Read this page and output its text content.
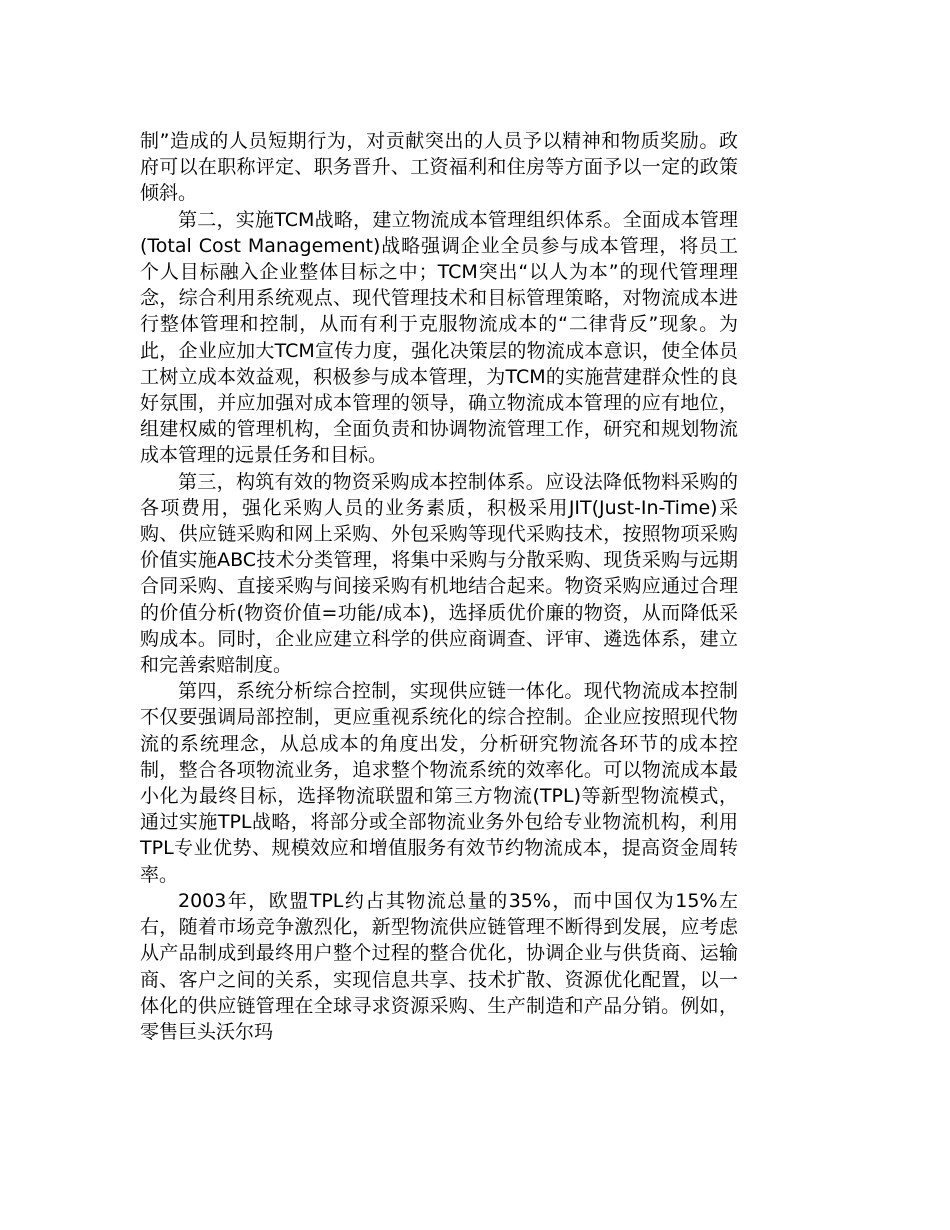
制”造成的人员短期行为，对贡献突出的人员予以精神和物质奖励。政府可以在职称评定、职务晋升、工资福利和住房等方面予以一定的政策倾斜。

第二，实施TCM战略，建立物流成本管理组织体系。全面成本管理(Total Cost Management)战略强调企业全员参与成本管理，将员工个人目标融入企业整体目标之中；TCM突出“以人为本”的现代管理理念，综合利用系统观点、现代管理技术和目标管理策略，对物流成本进行整体管理和控制，从而有利于克服物流成本的“二律背反”现象。为此，企业应加大TCM宣传力度，强化决策层的物流成本意识，使全体员工树立成本效益观，积极参与成本管理，为TCM的实施营建群众性的良好氛围，并应加强对成本管理的领导，确立物流成本管理的应有地位，组建权威的管理机构，全面负责和协调物流管理工作，研究和规划物流成本管理的远景任务和目标。

第三，构筑有效的物资采购成本控制体系。应设法降低物料采购的各项费用，强化采购人员的业务素质，积极采用JIT(Just-In-Time)采购、供应链采购和网上采购、外包采购等现代采购技术，按照物项采购价值实施ABC技术分类管理，将集中采购与分散采购、现货采购与远期合同采购、直接采购与间接采购有机地结合起来。物资采购应通过合理的价值分析(物资价值=功能/成本)，选择质优价廉的物资，从而降低采购成本。同时，企业应建立科学的供应商调查、评审、遴选体系，建立和完善索赔制度。

第四，系统分析综合控制，实现供应链一体化。现代物流成本控制不仅要强调局部控制，更应重视系统化的综合控制。企业应按照现代物流的系统理念，从总成本的角度出发，分析研究物流各环节的成本控制，整合各项物流业务，追求整个物流系统的效率化。可以物流成本最小化为最终目标，选择物流联盟和第三方物流(TPL)等新型物流模式，通过实施TPL战略，将部分或全部物流业务外包给专业物流机构，利用TPL专业优势、规模效应和增值服务有效节约物流成本，提高资金周转率。

2003年，欧盟TPL约占其物流总量的35%，而中国仅为15%左右，随着市场竞争激烈化，新型物流供应链管理不断得到发展，应考虑从产品制成到最终用户整个过程的整合优化，协调企业与供货商、运输商、客户之间的关系，实现信息共享、技术扩散、资源优化配置，以一体化的供应链管理在全球寻求资源采购、生产制造和产品分销。例如，零售巨头沃尔玛
